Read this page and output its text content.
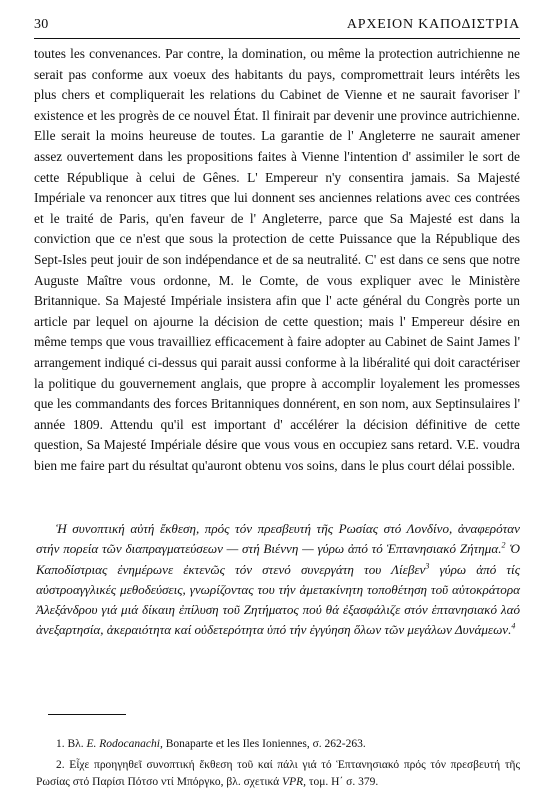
30	ΑΡΧΕΙΟΝ ΚΑΠΟΔΙΣΤΡΙΑ

toutes les convenances. Par contre, la domination, ou même la protection autrichienne ne serait pas conforme aux voeux des habitants du pays, compromettrait leurs intérêts les plus chers et compliquerait les relations du Cabinet de Vienne et ne saurait favoriser l' existence et les progrès de ce nouvel État. Il finirait par devenir une province autrichienne. Elle serait la moins heureuse de toutes. La garantie de l' Angleterre ne saurait amener assez ouvertement dans les propositions faites à Vienne l'intention d' assimiler le sort de cette République à celui de Gênes. L' Empereur n'y consentira jamais. Sa Majesté Impériale va renoncer aux titres que lui donnent ses anciennes relations avec ces contrées et le traité de Paris, qu'en faveur de l' Angleterre, parce que Sa Majesté est dans la conviction que ce n'est que sous la protection de cette Puissance que la République des Sept-Isles peut jouir de son indépendance et de sa neutralité. C' est dans ce sens que notre Auguste Maître vous ordonne, M. le Comte, de vous expliquer avec le Ministère Britannique. Sa Majesté Impériale insistera afin que l' acte général du Congrès porte un article par lequel on ajourne la décision de cette question; mais l' Empereur désire en même temps que vous travailliez efficacement à faire adopter au Cabinet de Saint James l' arrangement indiqué ci-dessus qui parait aussi conforme à la libéralité qui doit caractériser la politique du gouvernement anglais, que propre à accomplir loyalement les promesses que les commandants des forces Britanniques donnérent, en son nom, aux Septinsulaires l' année 1809. Attendu qu'il est important d' accélérer la décision définitive de cette question, Sa Majesté Impériale désire que vous vous en occupiez sans retard. V.E. voudra bien me faire part du résultat qu'auront obtenu vos soins, dans le plus court délai possible.

Ἡ συνοπτική αὐτή ἔκθεση, πρός τόν πρεσβευτή τῆς Ρωσίας στό Λονδίνο, ἀναφερόταν στήν πορεία τῶν διαπραγματεύσεων — στή Βιέννη — γύρω ἀπό τό Ἑπτανησιακό Ζήτημα.$^2$ Ὁ Καποδίστριας ἐνημέρωνε ἐκτενῶς τόν στενό συνεργάτη του Λίεβεν$^3$ γύρω ἀπό τίς αὐστροαγγλικές μεθοδεύσεις, γνωρίζοντας του τήν ἀμετακίνητη τοποθέτηση τοῦ αὐτοκράτορα Ἀλεξάνδρου γιά μιά δίκαιη ἐπίλυση τοῦ Ζητήματος πού θά ἐξασφάλιζε στόν ἑπτανησιακό λαό ἀνεξαρτησία, ἀκεραιότητα καί οὐδετερότητα ὑπό τήν ἐγγύηση ὅλων τῶν μεγάλων Δυνάμεων.$^4$

1. Βλ. E. Rodocanachi, Bonaparte et les Iles Ioniennes, σ. 262-263.

2. Εἶχε προηγηθεῖ συνοπτική ἔκθεση τοῦ καί πάλι γιά τό Ἑπτανησιακό πρός τόν πρεσβευτή τῆς Ρωσίας στό Παρίσι Πότσο ντί Μπόργκο, βλ. σχετικά VPR, τομ. Η΄ σ. 379.
